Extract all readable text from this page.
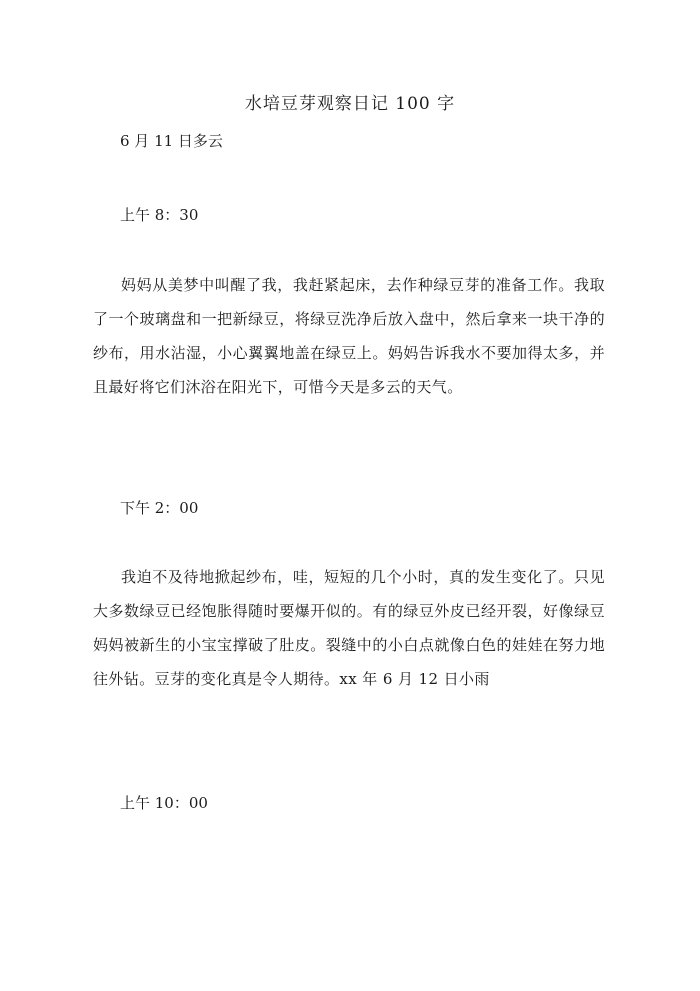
水培豆芽观察日记 100 字
6 月 11 日多云
上午 8：30
妈妈从美梦中叫醒了我，我赶紧起床，去作种绿豆芽的准备工作。我取了一个玻璃盘和一把新绿豆，将绿豆洗净后放入盘中，然后拿来一块干净的纱布，用水沾湿，小心翼翼地盖在绿豆上。妈妈告诉我水不要加得太多，并且最好将它们沐浴在阳光下，可惜今天是多云的天气。
下午 2：00
我迫不及待地掀起纱布，哇，短短的几个小时，真的发生变化了。只见大多数绿豆已经饱胀得随时要爆开似的。有的绿豆外皮已经开裂，好像绿豆妈妈被新生的小宝宝撑破了肚皮。裂缝中的小白点就像白色的娃娃在努力地往外钻。豆芽的变化真是令人期待。xx 年 6 月 12 日小雨
上午 10：00
